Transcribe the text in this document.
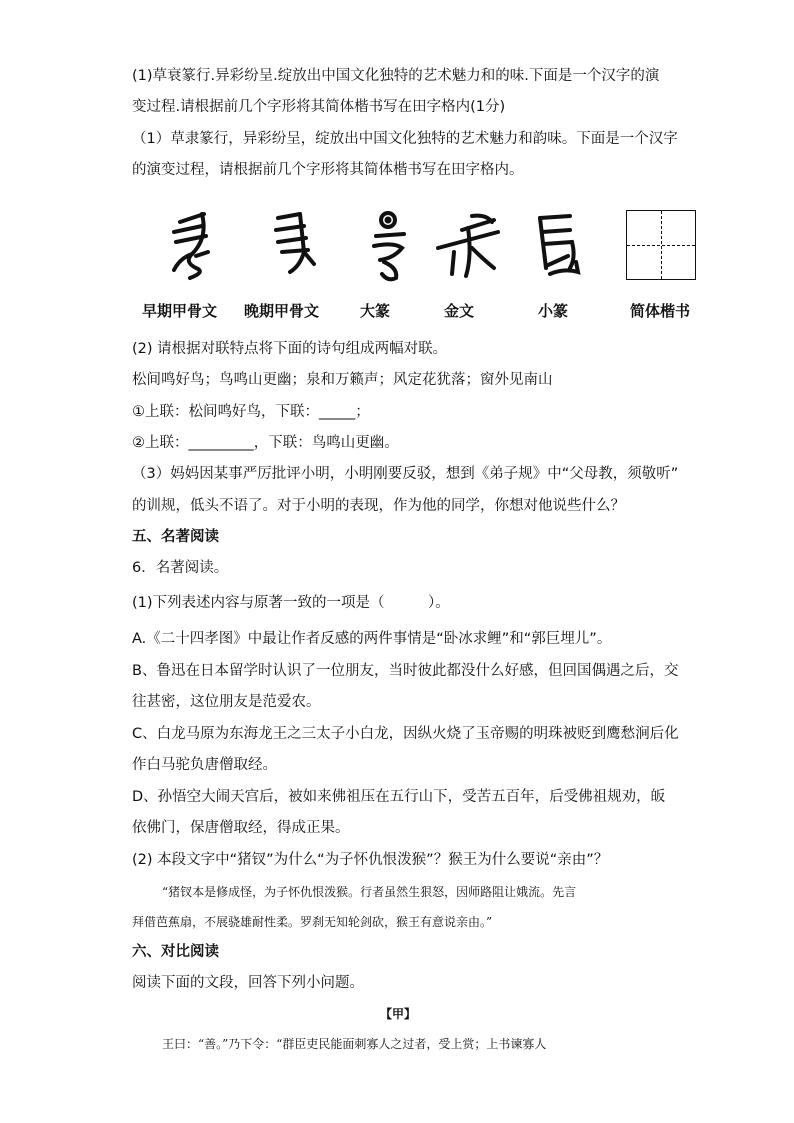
(1)草衰篆行.异彩纷呈.绽放出中国文化独特的艺术魅力和的味.下面是一个汉字的演
变过程.请根据前几个字形将其简体楷书写在田字格内(1分)
（1）草隶篆行，异彩纷呈，绽放出中国文化独特的艺术魅力和韵味。下面是一个汉字
的演变过程，请根据前几个字形将其简体楷书写在田字格内。
早期甲骨文 晚期甲骨文	大篆	金文	小篆	简体楷书
(2) 请根据对联特点将下面的诗句组成两幅对联。
松间鸣好鸟；鸟鸣山更幽；泉和万籁声；风定花犹落；窗外见南山
①上联：松间鸣好鸟，下联：_____；
②上联：_________，下联：鸟鸣山更幽。
（3）妈妈因某事严厉批评小明，小明刚要反驳，想到《弟子规》中“父母教，须敬听”
的训规，低头不语了。对于小明的表现，作为他的同学，你想对他说些什么？
五、名著阅读
6．名著阅读。
(1)下列表述内容与原著一致的一项是（　　　）。
A.《二十四孝图》中最让作者反感的两件事情是“卧冰求鲤”和“郭巨埋儿”。
B、鲁迅在日本留学时认识了一位朋友，当时彼此都没什么好感，但回国偶遇之后，交
往甚密，这位朋友是范爱农。
C、白龙马原为东海龙王之三太子小白龙，因纵火烧了玉帝赐的明珠被贬到鹰愁涧后化
作白马驼负唐僧取经。
D、孙悟空大闹天宫后，被如来佛祖压在五行山下，受苦五百年，后受佛祖规劝，皈
依佛门，保唐僧取经，得成正果。
(2) 本段文字中“猪钗”为什么“为子怀仇恨泼猴”？猴王为什么要说“亲由”？
“猪钗本是修成怪，为子怀仇恨泼猴。行者虽然生狠怒，因师路阻让娥流。先言
拜借芭蕉扇，不展骁雄耐性柔。罗刹无知轮剑砍，猴王有意说亲由。”
六、对比阅读
阅读下面的文段，回答下列小问题。
【甲】
王曰：“善。”乃下令：“群臣吏民能面刺寡人之过者，受上赏；上书谏寡人
